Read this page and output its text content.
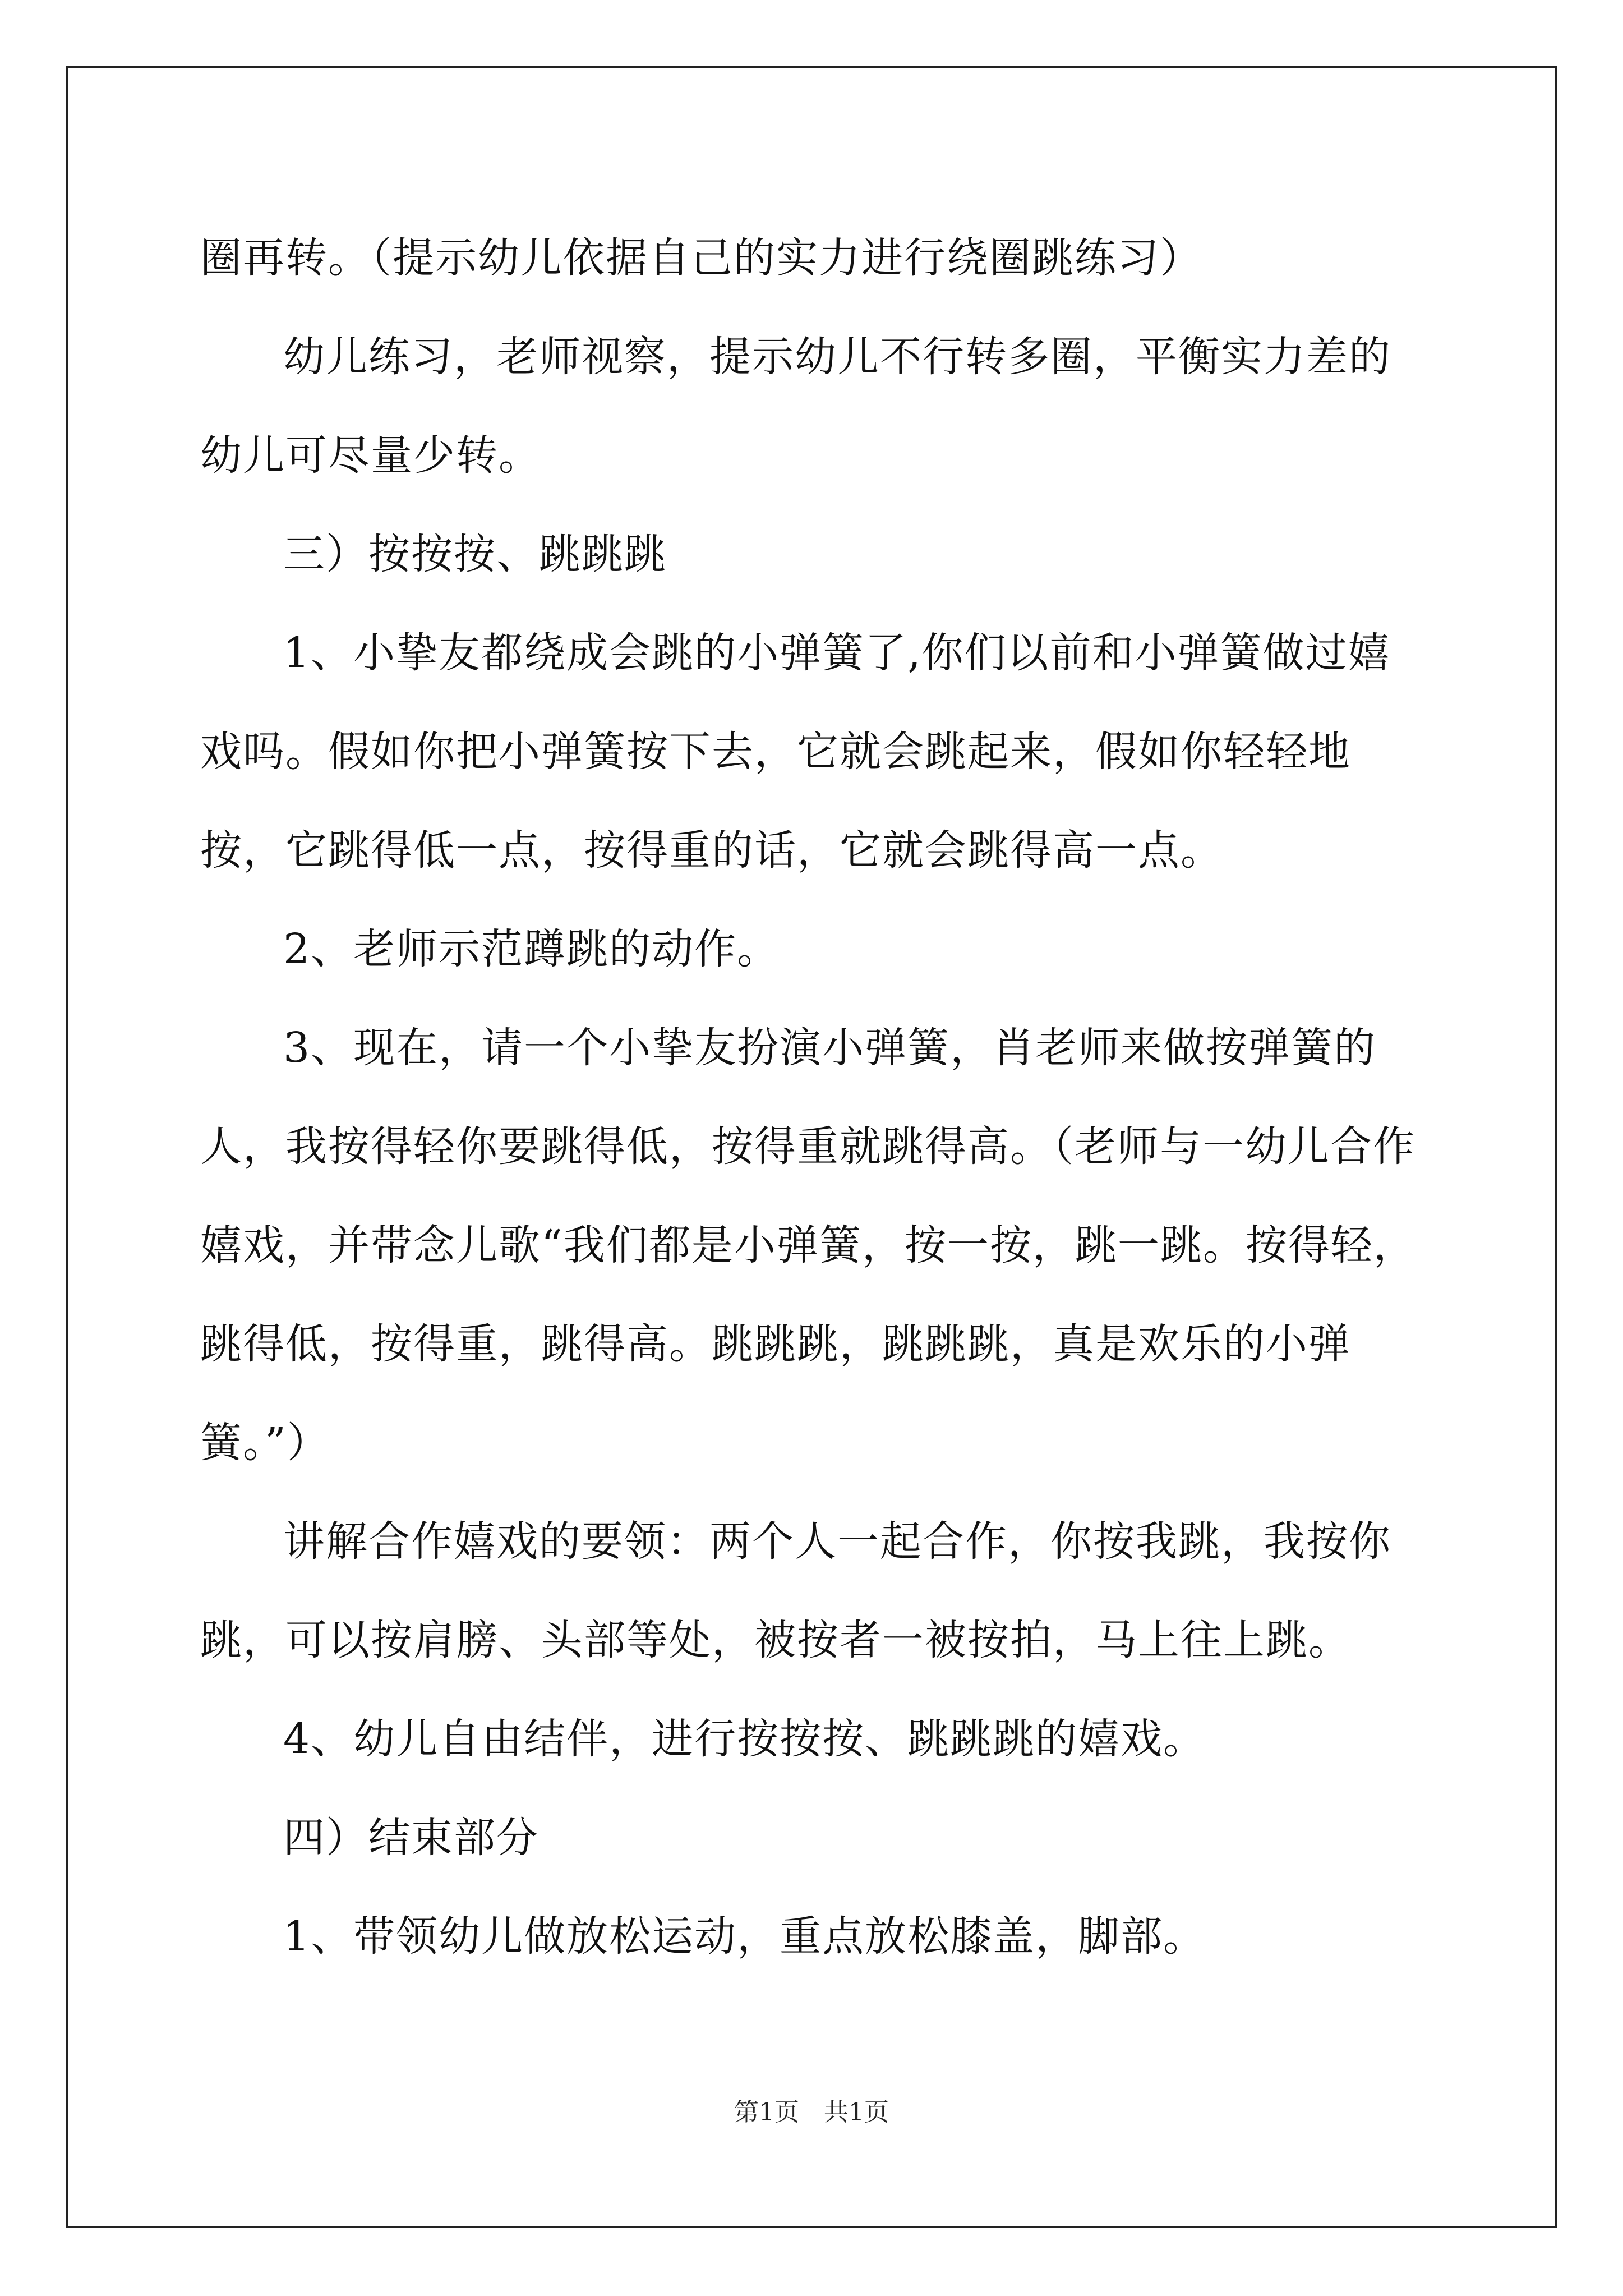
圈再转。（提示幼儿依据自己的实力进行绕圈跳练习）

幼儿练习，老师视察，提示幼儿不行转多圈，平衡实力差的幼儿可尽量少转。

三）按按按、跳跳跳

1、小挚友都绕成会跳的小弹簧了,你们以前和小弹簧做过嬉戏吗。假如你把小弹簧按下去，它就会跳起来，假如你轻轻地按，它跳得低一点，按得重的话，它就会跳得高一点。

2、老师示范蹲跳的动作。

3、现在，请一个小挚友扮演小弹簧，肖老师来做按弹簧的人，我按得轻你要跳得低，按得重就跳得高。（老师与一幼儿合作嬉戏，并带念儿歌“我们都是小弹簧，按一按，跳一跳。按得轻，跳得低，按得重，跳得高。跳跳跳，跳跳跳，真是欢乐的小弹簧。”）

讲解合作嬉戏的要领：两个人一起合作，你按我跳，我按你跳，可以按肩膀、头部等处，被按者一被按拍，马上往上跳。

4、幼儿自由结伴，进行按按按、跳跳跳的嬉戏。

四）结束部分

1、带领幼儿做放松运动，重点放松膝盖，脚部。

第1页　共1页
